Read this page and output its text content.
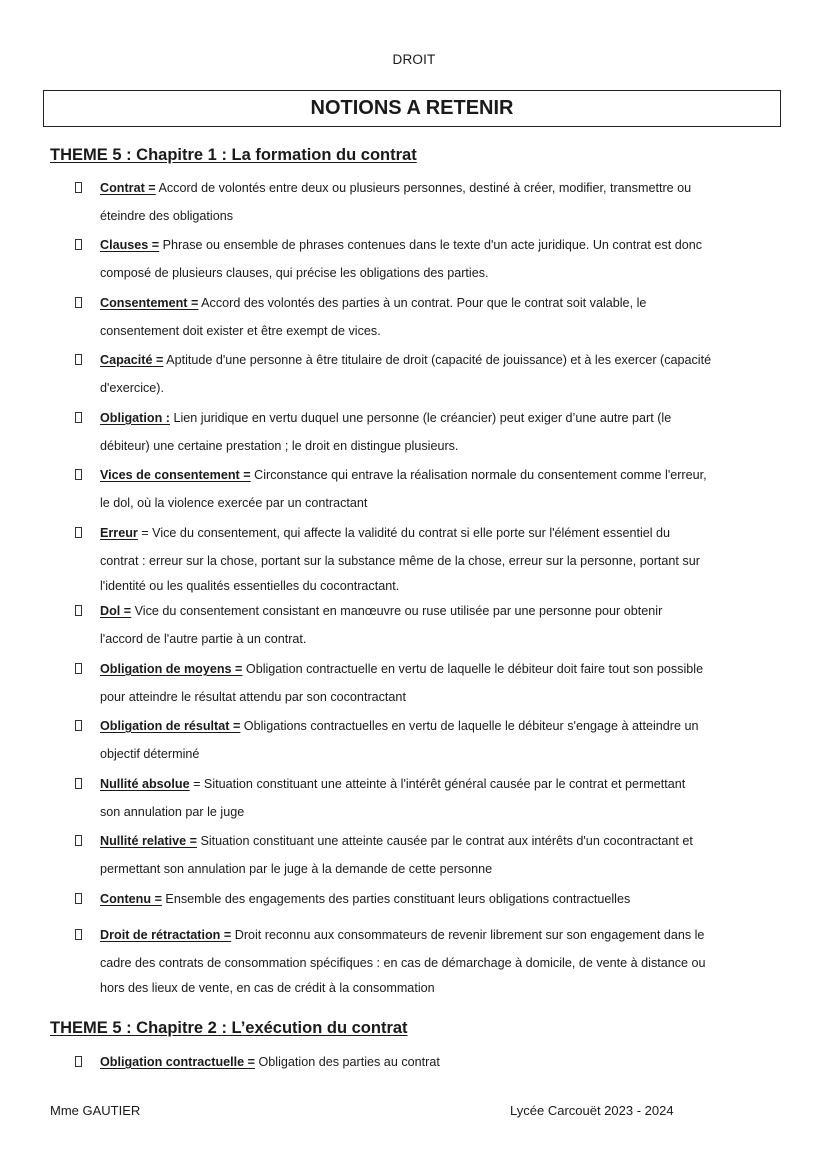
DROIT
NOTIONS A RETENIR
THEME 5 : Chapitre 1 : La formation du contrat
Contrat = Accord de volontés entre deux ou plusieurs personnes, destiné à créer, modifier, transmettre ou
éteindre des obligations
Clauses = Phrase ou ensemble de phrases contenues dans le texte d'un acte juridique. Un contrat est donc
composé de plusieurs clauses, qui précise les obligations des parties.
Consentement = Accord des volontés des parties à un contrat. Pour que le contrat soit valable, le
consentement doit exister et être exempt de vices.
Capacité = Aptitude d'une personne à être titulaire de droit (capacité de jouissance) et à les exercer (capacité
d'exercice).
Obligation : Lien juridique en vertu duquel une personne (le créancier) peut exiger d’une autre part (le
débiteur) une certaine prestation ; le droit en distingue plusieurs.
Vices de consentement = Circonstance qui entrave la réalisation normale du consentement comme l'erreur,
le dol, où la violence exercée par un contractant
Erreur = Vice du consentement, qui affecte la validité du contrat si elle porte sur l'élément essentiel du
contrat : erreur sur la chose, portant sur la substance même de la chose, erreur sur la personne, portant sur
l'identité ou les qualités essentielles du cocontractant.
Dol = Vice du consentement consistant en manœuvre ou ruse utilisée par une personne pour obtenir
l'accord de l'autre partie à un contrat.
Obligation de moyens = Obligation contractuelle en vertu de laquelle le débiteur doit faire tout son possible
pour atteindre le résultat attendu par son cocontractant
Obligation de résultat = Obligations contractuelles en vertu de laquelle le débiteur s'engage à atteindre un
objectif déterminé
Nullité absolue = Situation constituant une atteinte à l'intérêt général causée par le contrat et permettant
son annulation par le juge
Nullité relative = Situation constituant une atteinte causée par le contrat aux intérêts d'un cocontractant et
permettant son annulation par le juge à la demande de cette personne
Contenu = Ensemble des engagements des parties constituant leurs obligations contractuelles
Droit de rétractation = Droit reconnu aux consommateurs de revenir librement sur son engagement dans le
cadre des contrats de consommation spécifiques : en cas de démarchage à domicile, de vente à distance ou
hors des lieux de vente, en cas de crédit à la consommation
THEME 5 : Chapitre 2 : L’exécution du contrat
Obligation contractuelle = Obligation des parties au contrat
Mme GAUTIER	Lycée Carcouët 2023 - 2024
